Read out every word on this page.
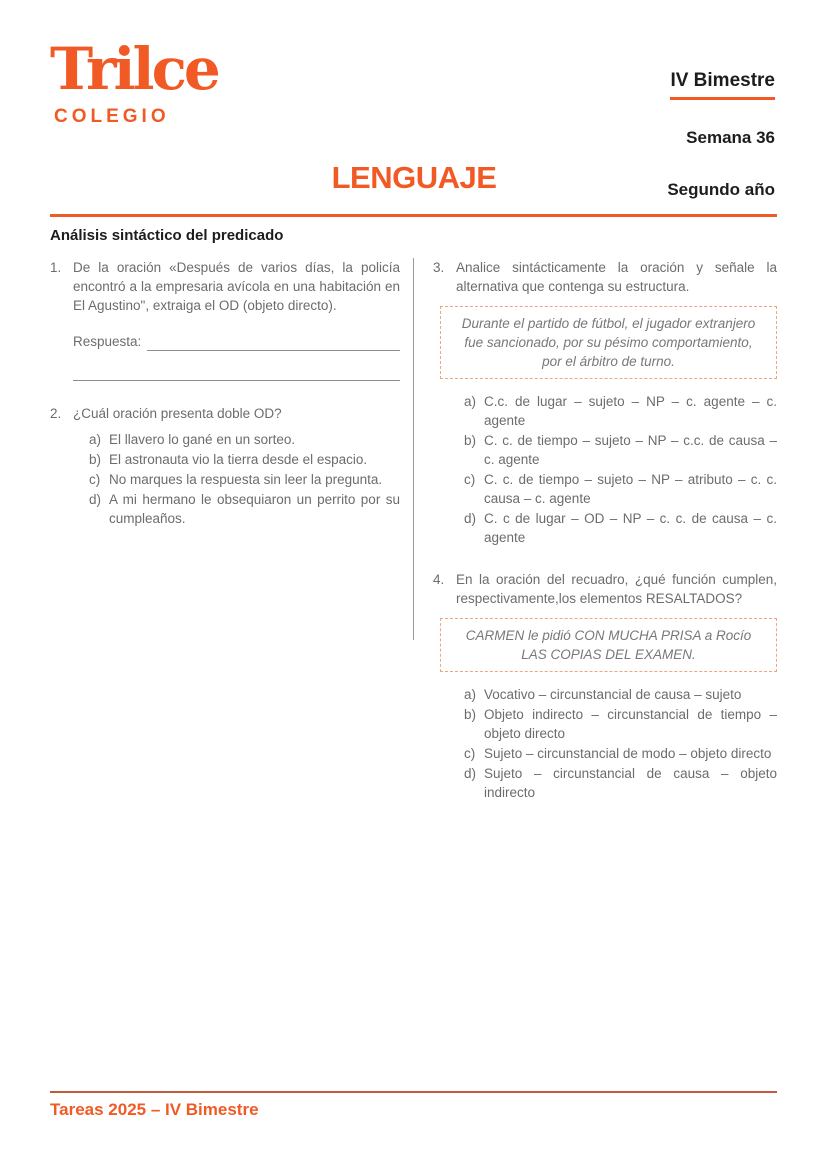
Trilce
COLEGIO
IV Bimestre
Semana 36
Segundo año
LENGUAJE
Análisis sintáctico del predicado
1. De la oración «Después de varios días, la policía encontró a la empresaria avícola en una habitación en El Agustino", extraiga el OD (objeto directo).
Respuesta:
2. ¿Cuál oración presenta doble OD?
a) El llavero lo gané en un sorteo.
b) El astronauta vio la tierra desde el espacio.
c) No marques la respuesta sin leer la pregunta.
d) A mi hermano le obsequiaron un perrito por su cumpleaños.
3. Analice sintácticamente la oración y señale la alternativa que contenga su estructura.
Durante el partido de fútbol, el jugador extranjero fue sancionado, por su pésimo comportamiento, por el árbitro de turno.
a) C.c. de lugar – sujeto – NP – c. agente – c. agente
b) C. c. de tiempo – sujeto – NP – c.c. de causa – c. agente
c) C. c. de tiempo – sujeto – NP – atributo – c. c. causa – c. agente
d) C. c de lugar – OD – NP – c. c. de causa – c. agente
4. En la oración del recuadro, ¿qué función cumplen, respectivamente,los elementos RESALTADOS?
CARMEN le pidió CON MUCHA PRISA a Rocío LAS COPIAS DEL EXAMEN.
a) Vocativo – circunstancial de causa – sujeto
b) Objeto indirecto – circunstancial de tiempo – objeto directo
c) Sujeto – circunstancial de modo – objeto directo
d) Sujeto – circunstancial de causa – objeto indirecto
Tareas 2025 – IV Bimestre
